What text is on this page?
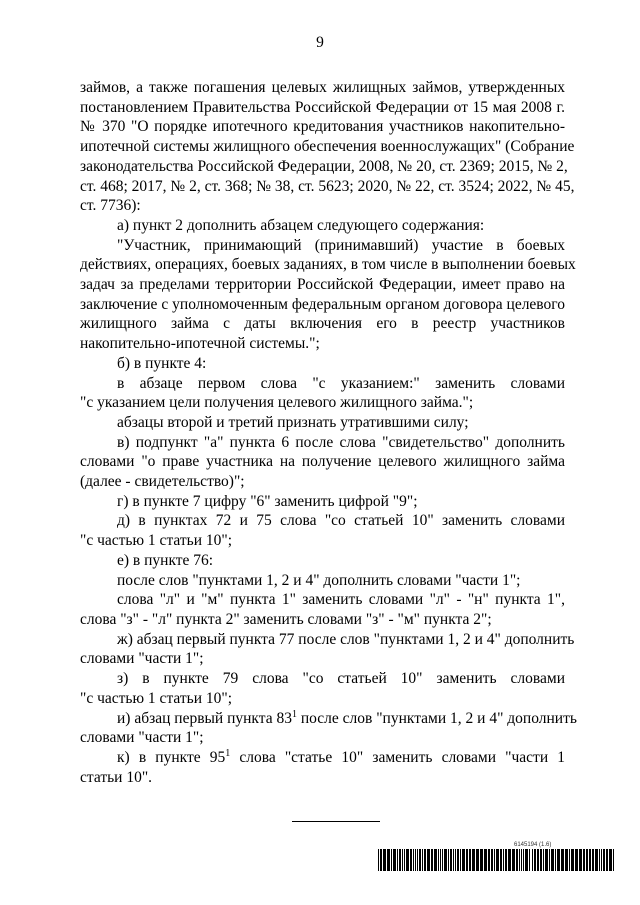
9
займов, а также погашения целевых жилищных займов, утвержденных
постановлением Правительства Российской Федерации от 15 мая 2008 г.
№ 370 "О порядке ипотечного кредитования участников накопительно-
ипотечной системы жилищного обеспечения военнослужащих" (Собрание
законодательства Российской Федерации, 2008, № 20, ст. 2369; 2015, № 2,
ст. 468; 2017, № 2, ст. 368; № 38, ст. 5623; 2020, № 22, ст. 3524; 2022, № 45,
ст. 7736):
а) пункт 2 дополнить абзацем следующего содержания:
"Участник, принимающий (принимавший) участие в боевых
действиях, операциях, боевых заданиях, в том числе в выполнении боевых
задач за пределами территории Российской Федерации, имеет право на
заключение с уполномоченным федеральным органом договора целевого
жилищного займа с даты включения его в реестр участников
накопительно-ипотечной системы.";
б) в пункте 4:
в абзаце первом слова "с указанием:" заменить словами
"с указанием цели получения целевого жилищного займа.";
абзацы второй и третий признать утратившими силу;
в) подпункт "а" пункта 6 после слова "свидетельство" дополнить
словами "о праве участника на получение целевого жилищного займа
(далее - свидетельство)";
г) в пункте 7 цифру "6" заменить цифрой "9";
д) в пунктах 72 и 75 слова "со статьей 10" заменить словами
"с частью 1 статьи 10";
е) в пункте 76:
после слов "пунктами 1, 2 и 4" дополнить словами "части 1";
слова "л" и "м" пункта 1" заменить словами "л" - "н" пункта 1",
слова "з" - "л" пункта 2" заменить словами "з" - "м" пункта 2";
ж) абзац первый пункта 77 после слов "пунктами 1, 2 и 4" дополнить
словами "части 1";
з) в пункте 79 слова "со статьей 10" заменить словами
"с частью 1 статьи 10";
и) абзац первый пункта $83^1$ после слов "пунктами 1, 2 и 4" дополнить
словами "части 1";
к) в пункте $95^1$ слова "статье 10" заменить словами "части 1
статьи 10".
6145194 (1.6)
